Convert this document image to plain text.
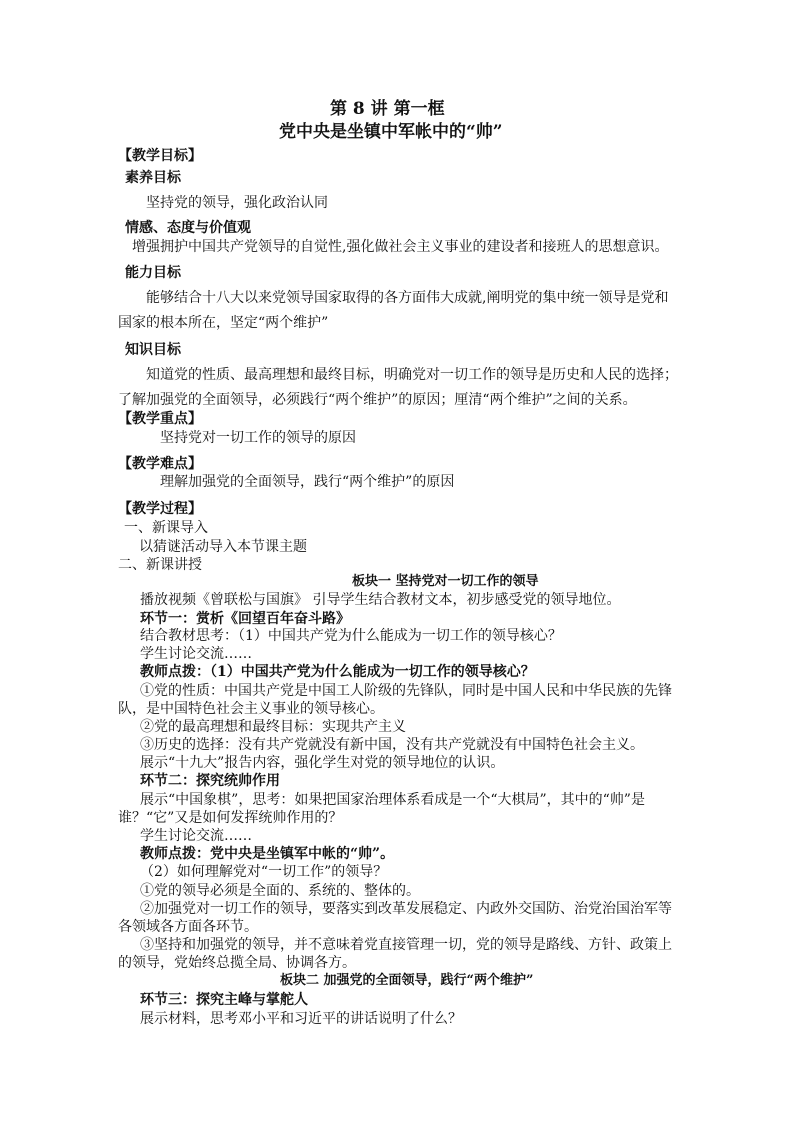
第 8 讲 第一框
党中央是坐镇中军帐中的“帅”
【教学目标】
素养目标
坚持党的领导，强化政治认同
情感、态度与价值观
增强拥护中国共产党领导的自觉性,强化做社会主义事业的建设者和接班人的思想意识。
能力目标
能够结合十八大以来党领导国家取得的各方面伟大成就,阐明党的集中统一领导是党和
国家的根本所在，坚定“两个维护”
知识目标
知道党的性质、最高理想和最终目标，明确党对一切工作的领导是历史和人民的选择；
了解加强党的全面领导，必须践行“两个维护”的原因；厘清“两个维护”之间的关系。
【教学重点】
坚持党对一切工作的领导的原因
【教学难点】
理解加强党的全面领导，践行“两个维护”的原因
【教学过程】
一、新课导入
以猜谜活动导入本节课主题
二、新课讲授
板块一 坚持党对一切工作的领导
播放视频《曾联松与国旗》 引导学生结合教材文本，初步感受党的领导地位。
环节一：赏析《回望百年奋斗路》
结合教材思考：（1）中国共产党为什么能成为一切工作的领导核心？
学生讨论交流……
教师点拨：（1）中国共产党为什么能成为一切工作的领导核心？
①党的性质：中国共产党是中国工人阶级的先锋队，同时是中国人民和中华民族的先锋
队，是中国特色社会主义事业的领导核心。
②党的最高理想和最终目标：实现共产主义
③历史的选择：没有共产党就没有新中国，没有共产党就没有中国特色社会主义。
展示“十九大”报告内容，强化学生对党的领导地位的认识。
环节二：探究统帅作用
展示“中国象棋”，思考：如果把国家治理体系看成是一个“大棋局”，其中的“帅”是
谁？“它”又是如何发挥统帅作用的？
学生讨论交流……
教师点拨：党中央是坐镇军中帐的“帅”。
（2）如何理解党对“一切工作”的领导？
①党的领导必须是全面的、系统的、整体的。
②加强党对一切工作的领导，要落实到改革发展稳定、内政外交国防、治党治国治军等
各领域各方面各环节。
③坚持和加强党的领导，并不意味着党直接管理一切，党的领导是路线、方针、政策上
的领导，党始终总揽全局、协调各方。
板块二 加强党的全面领导，践行“两个维护”
环节三：探究主峰与掌舵人
展示材料，思考邓小平和习近平的讲话说明了什么？
